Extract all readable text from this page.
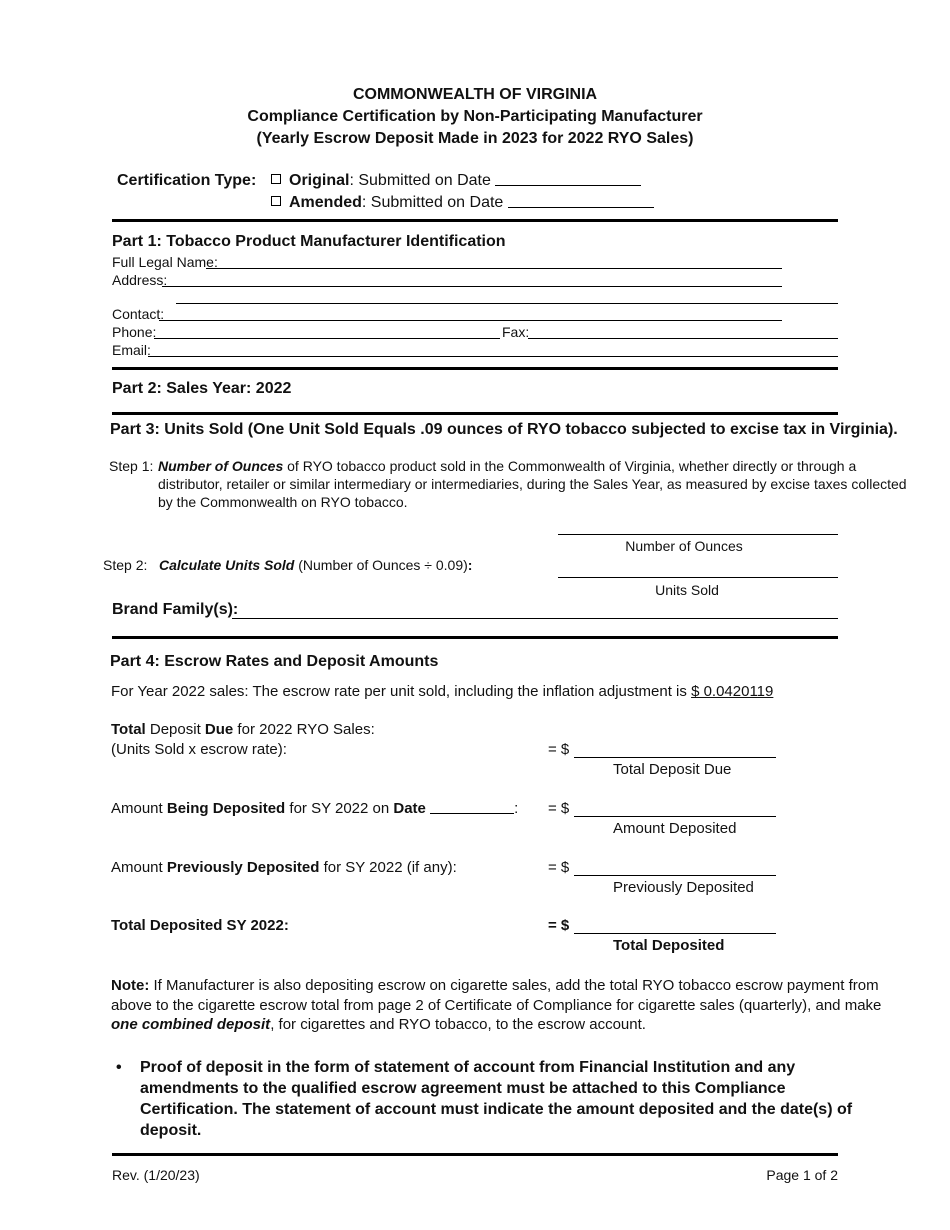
COMMONWEALTH OF VIRGINIA
Compliance Certification by Non-Participating Manufacturer
(Yearly Escrow Deposit Made in 2023 for 2022 RYO Sales)
Certification Type:	Original: Submitted on Date
Amended: Submitted on Date
Part 1: Tobacco Product Manufacturer Identification
Full Legal Name:
Address:
Contact:
Phone:	Fax:
Email:
Part 2: Sales Year: 2022
Part 3: Units Sold (One Unit Sold Equals .09 ounces of RYO tobacco subjected to excise tax in Virginia).
Step 1: Number of Ounces of RYO tobacco product sold in the Commonwealth of Virginia, whether directly or through a
distributor, retailer or similar intermediary or intermediaries, during the Sales Year, as measured by excise taxes collected
by the Commonwealth on RYO tobacco.
Number of Ounces
Step 2: Calculate Units Sold (Number of Ounces ÷ 0.09):
Units Sold
Brand Family(s):
Part 4: Escrow Rates and Deposit Amounts
For Year 2022 sales: The escrow rate per unit sold, including the inflation adjustment is $ 0.0420119
Total Deposit Due for 2022 RYO Sales:
(Units Sold x escrow rate):	= $
Total Deposit Due
Amount Being Deposited for SY 2022 on Date	: = $
Amount Deposited
Amount Previously Deposited for SY 2022 (if any):	= $
Previously Deposited
Total Deposited SY 2022:	= $
Total Deposited
Note: If Manufacturer is also depositing escrow on cigarette sales, add the total RYO tobacco escrow payment from
above to the cigarette escrow total from page 2 of Certificate of Compliance for cigarette sales (quarterly), and make
one combined deposit, for cigarettes and RYO tobacco, to the escrow account.
• Proof of deposit in the form of statement of account from Financial Institution and any
amendments to the qualified escrow agreement must be attached to this Compliance
Certification. The statement of account must indicate the amount deposited and the date(s) of
deposit.
Rev. (1/20/23)	Page 1 of 2
